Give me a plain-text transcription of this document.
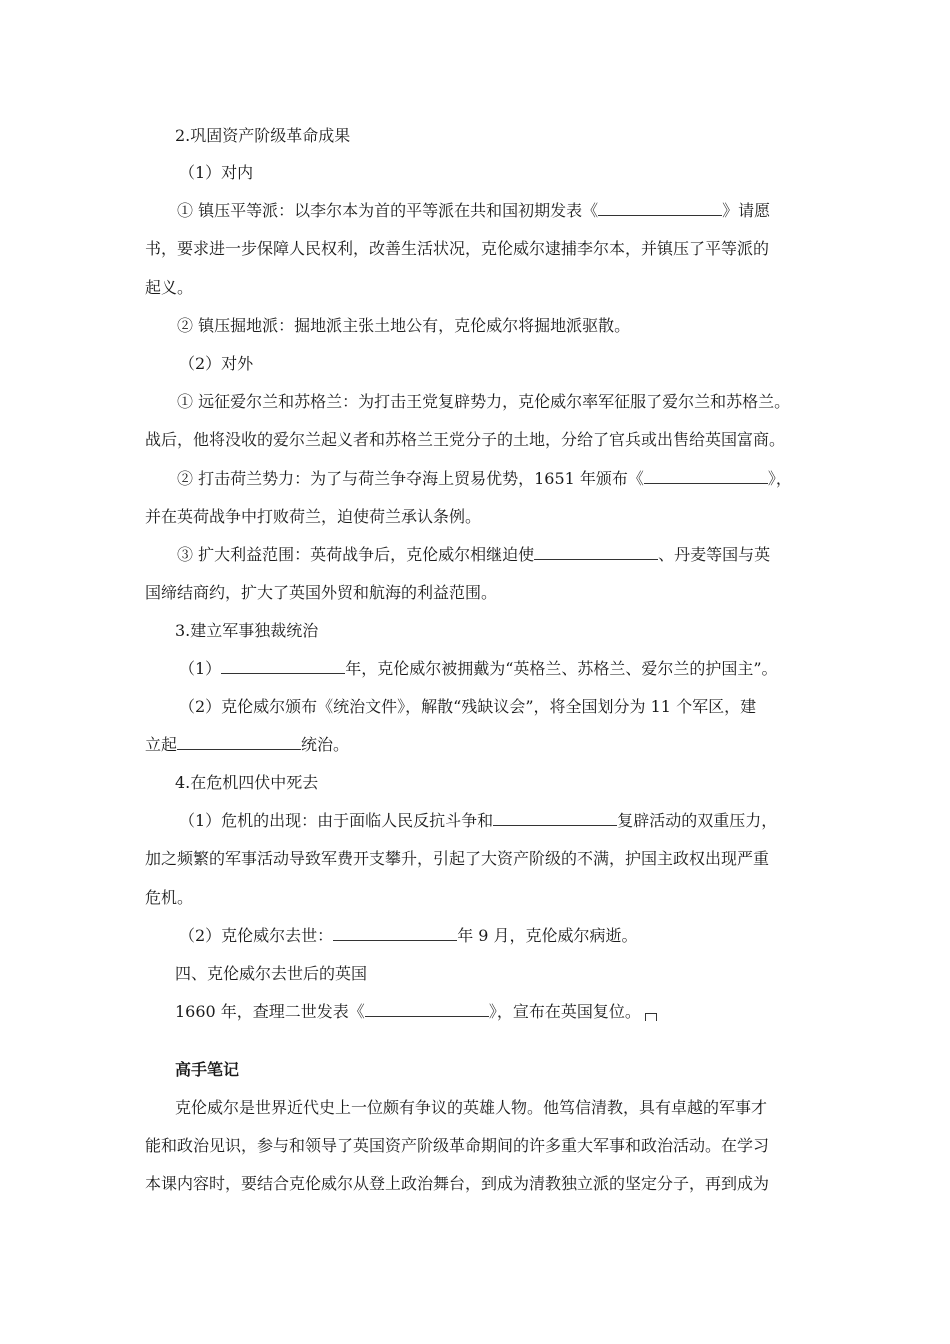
2.巩固资产阶级革命成果
（1）对内
① 镇压平等派：以李尔本为首的平等派在共和国初期发表《	》请愿
书，要求进一步保障人民权利，改善生活状况，克伦威尔逮捕李尔本，并镇压了平等派的
起义。
② 镇压掘地派：掘地派主张土地公有，克伦威尔将掘地派驱散。
（2）对外
① 远征爱尔兰和苏格兰：为打击王党复辟势力，克伦威尔率军征服了爱尔兰和苏格兰。
战后，他将没收的爱尔兰起义者和苏格兰王党分子的土地，分给了官兵或出售给英国富商。
② 打击荷兰势力：为了与荷兰争夺海上贸易优势，1651 年颁布《	》，
并在英荷战争中打败荷兰，迫使荷兰承认条例。
③ 扩大利益范围：英荷战争后，克伦威尔相继迫使	、丹麦等国与英
国缔结商约，扩大了英国外贸和航海的利益范围。
3.建立军事独裁统治
（1）	年，克伦威尔被拥戴为“英格兰、苏格兰、爱尔兰的护国主”。
（2）克伦威尔颁布《统治文件》，解散“残缺议会”，将全国划分为 11 个军区，建
立起	统治。
4.在危机四伏中死去
（1）危机的出现：由于面临人民反抗斗争和	复辟活动的双重压力，
加之频繁的军事活动导致军费开支攀升，引起了大资产阶级的不满，护国主政权出现严重
危机。
（2）克伦威尔去世：	年 9 月，克伦威尔病逝。
四、克伦威尔去世后的英国
1660 年，查理二世发表《	》，宣布在英国复位。
高手笔记
克伦威尔是世界近代史上一位颇有争议的英雄人物。他笃信清教，具有卓越的军事才
能和政治见识，参与和领导了英国资产阶级革命期间的许多重大军事和政治活动。在学习
本课内容时，要结合克伦威尔从登上政治舞台，到成为清教独立派的坚定分子，再到成为
